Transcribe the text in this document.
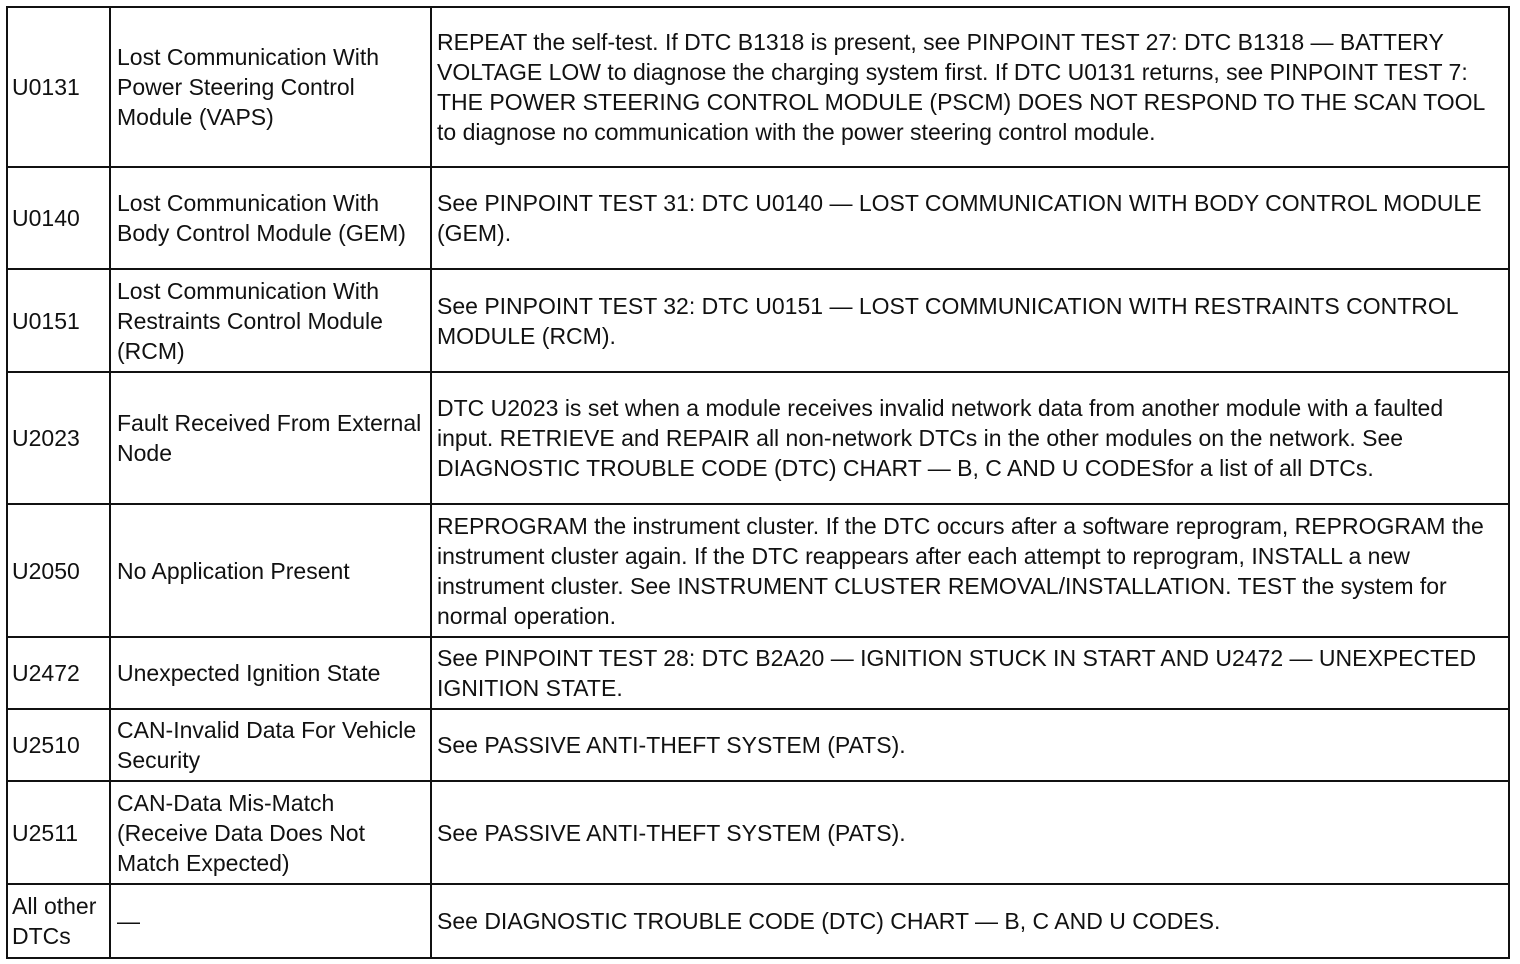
U0131	Lost Communication With Power Steering Control Module (VAPS)	REPEAT the self-test. If DTC B1318 is present, see PINPOINT TEST 27: DTC B1318 — BATTERY VOLTAGE LOW to diagnose the charging system first. If DTC U0131 returns, see PINPOINT TEST 7: THE POWER STEERING CONTROL MODULE (PSCM) DOES NOT RESPOND TO THE SCAN TOOL to diagnose no communication with the power steering control module.
U0140	Lost Communication With Body Control Module (GEM)	See PINPOINT TEST 31: DTC U0140 — LOST COMMUNICATION WITH BODY CONTROL MODULE (GEM).
U0151	Lost Communication With Restraints Control Module (RCM)	See PINPOINT TEST 32: DTC U0151 — LOST COMMUNICATION WITH RESTRAINTS CONTROL MODULE (RCM).
U2023	Fault Received From External Node	DTC U2023 is set when a module receives invalid network data from another module with a faulted input. RETRIEVE and REPAIR all non-network DTCs in the other modules on the network. See DIAGNOSTIC TROUBLE CODE (DTC) CHART — B, C AND U CODESfor a list of all DTCs.
U2050	No Application Present	REPROGRAM the instrument cluster. If the DTC occurs after a software reprogram, REPROGRAM the instrument cluster again. If the DTC reappears after each attempt to reprogram, INSTALL a new instrument cluster. See INSTRUMENT CLUSTER REMOVAL/INSTALLATION. TEST the system for normal operation.
U2472	Unexpected Ignition State	See PINPOINT TEST 28: DTC B2A20 — IGNITION STUCK IN START AND U2472 — UNEXPECTED IGNITION STATE.
U2510	CAN-Invalid Data For Vehicle Security	See PASSIVE ANTI-THEFT SYSTEM (PATS).
U2511	CAN-Data Mis-Match (Receive Data Does Not Match Expected)	See PASSIVE ANTI-THEFT SYSTEM (PATS).
All other DTCs	—	See DIAGNOSTIC TROUBLE CODE (DTC) CHART — B, C AND U CODES.
